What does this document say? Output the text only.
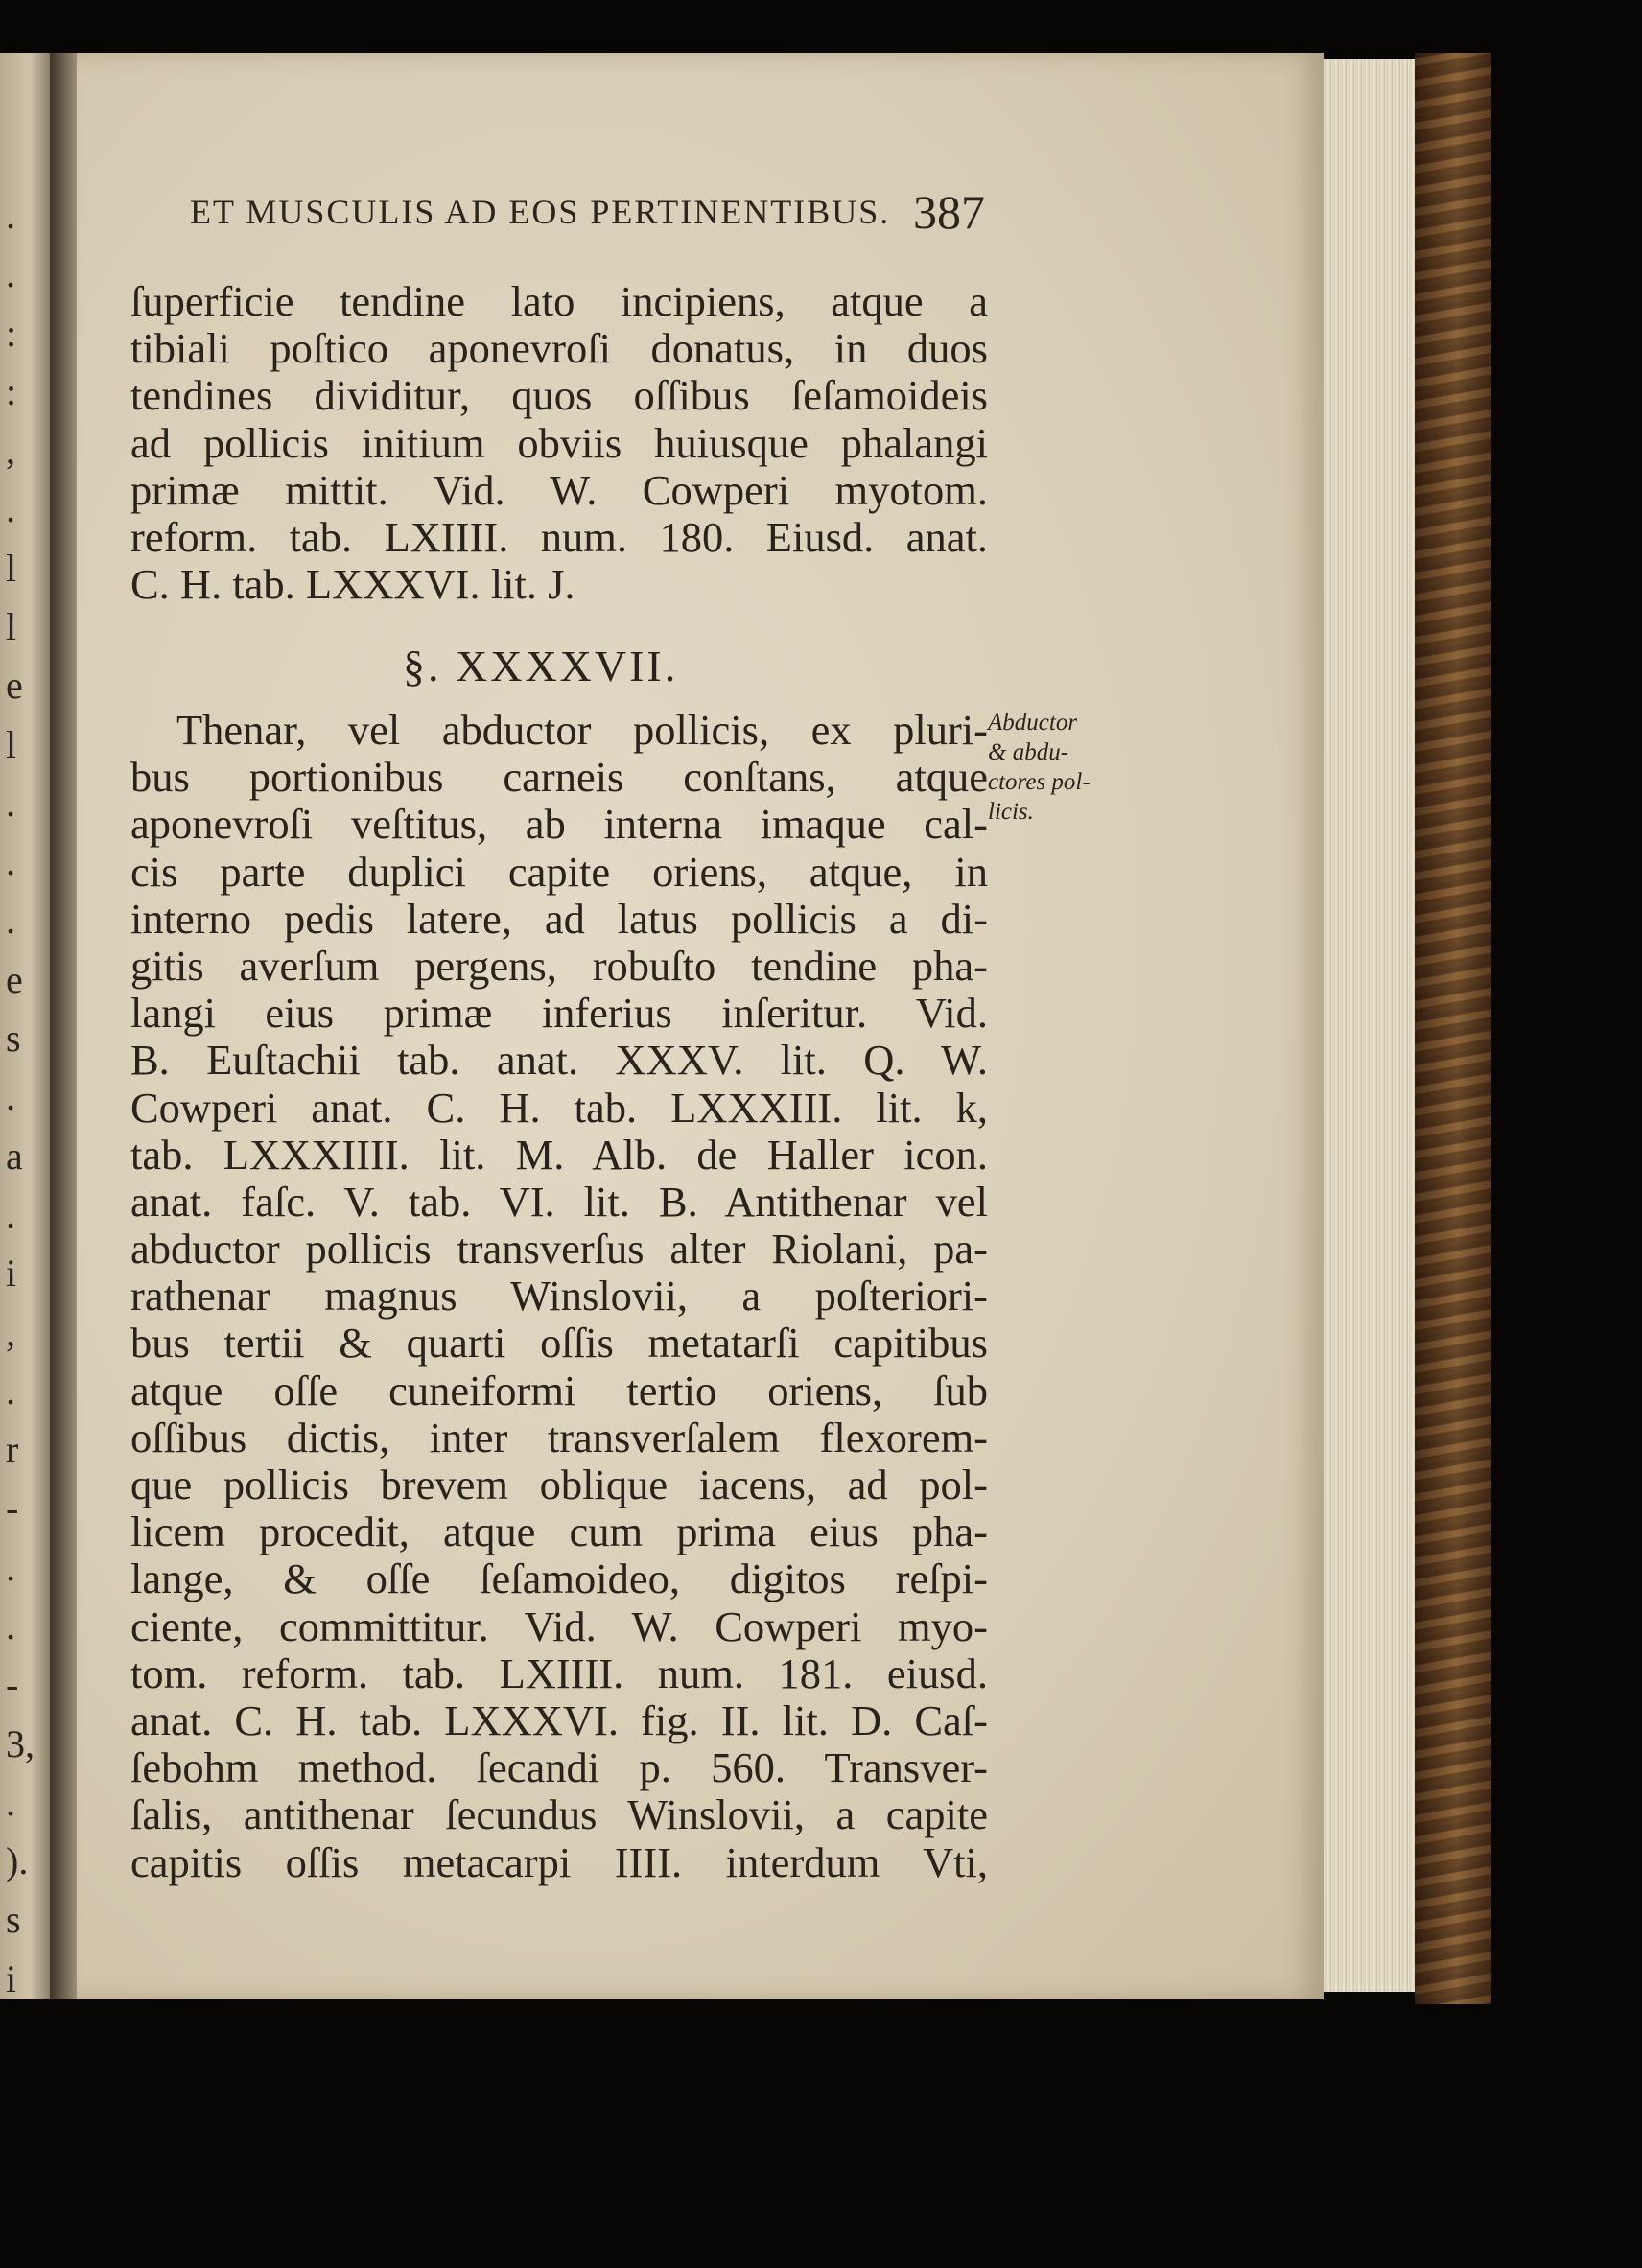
.
.
:
:
,
.
l
l
e
l
.
.
.
e
s
.
a
.
i
,
.
r
-
.
.
-
3,
.
).
s
i
ET MUSCULIS AD EOS PERTINENTIBUS. 387
ſuperficie tendine lato incipiens, atque a
tibiali poſtico aponevroſi donatus, in duos
tendines dividitur, quos oſſibus ſeſamoideis
ad pollicis initium obviis huiusque phalangi
primæ mittit. Vid. W. Cowperi myotom.
reform. tab. LXIIII. num. 180. Eiusd. anat.
C. H. tab. LXXXVI. lit. J.
§. XXXXVII.
Thenar, vel abductor pollicis, ex pluri-
bus portionibus carneis conſtans, atque
aponevroſi veſtitus, ab interna imaque cal-
cis parte duplici capite oriens, atque, in
interno pedis latere, ad latus pollicis a di-
gitis averſum pergens, robuſto tendine pha-
langi eius primæ inferius inſeritur. Vid.
B. Euſtachii tab. anat. XXXV. lit. Q. W.
Cowperi anat. C. H. tab. LXXXIII. lit. k,
tab. LXXXIIII. lit. M. Alb. de Haller icon.
anat. faſc. V. tab. VI. lit. B. Antithenar vel
abductor pollicis transverſus alter Riolani, pa-
rathenar magnus Winslovii, a poſteriori-
bus tertii & quarti oſſis metatarſi capitibus
atque oſſe cuneiformi tertio oriens, ſub
oſſibus dictis, inter transverſalem flexorem-
que pollicis brevem oblique iacens, ad pol-
licem procedit, atque cum prima eius pha-
lange, & oſſe ſeſamoideo, digitos reſpi-
ciente, committitur. Vid. W. Cowperi myo-
tom. reform. tab. LXIIII. num. 181. eiusd.
anat. C. H. tab. LXXXVI. fig. II. lit. D. Caſ-
ſebohm method. ſecandi p. 560. Transver-
ſalis, antithenar ſecundus Winslovii, a capite
capitis oſſis metacarpi IIII. interdum Vti,
Abductor
& abdu-
ctores pol-
licis.
